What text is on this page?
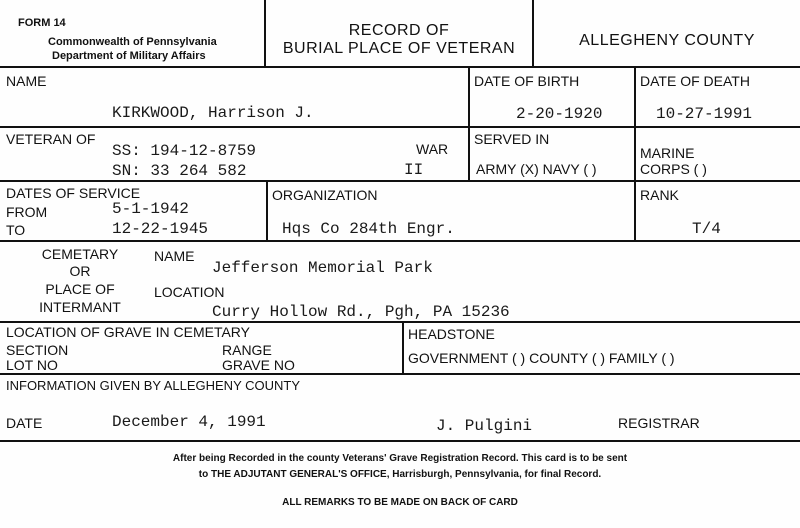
FORM 14
Commonwealth of Pennsylvania
Department of Military Affairs
RECORD OF
BURIAL PLACE OF VETERAN	ALLEGHENY COUNTY
NAME
KIRKWOOD, Harrison J.
DATE OF BIRTH
2-20-1920
DATE OF DEATH
10-27-1991
VETERAN OF
SS: 194-12-8759
SN: 33 264 582
WAR
II
SERVED IN
ARMY (X) NAVY ( )
MARINE
CORPS ( )
DATES OF SERVICE
FROM	5-1-1942
TO	12-22-1945
ORGANIZATION
Hqs Co 284th Engr.
RANK
T/4
CEMETARY
OR
PLACE OF
INTERMANT
NAME
Jefferson Memorial Park
LOCATION
Curry Hollow Rd., Pgh, PA 15236
LOCATION OF GRAVE IN CEMETARY
SECTION
LOT NO
RANGE
GRAVE NO
HEADSTONE
GOVERNMENT ( ) COUNTY ( ) FAMILY ( )
INFORMATION GIVEN BY ALLEGHENY COUNTY
DATE	December 4, 1991	J. Pulgini	REGISTRAR
After being Recorded in the county Veterans' Grave Registration Record. This card is to be sent
to THE ADJUTANT GENERAL'S OFFICE, Harrisburgh, Pennsylvania, for final Record.
ALL REMARKS TO BE MADE ON BACK OF CARD
